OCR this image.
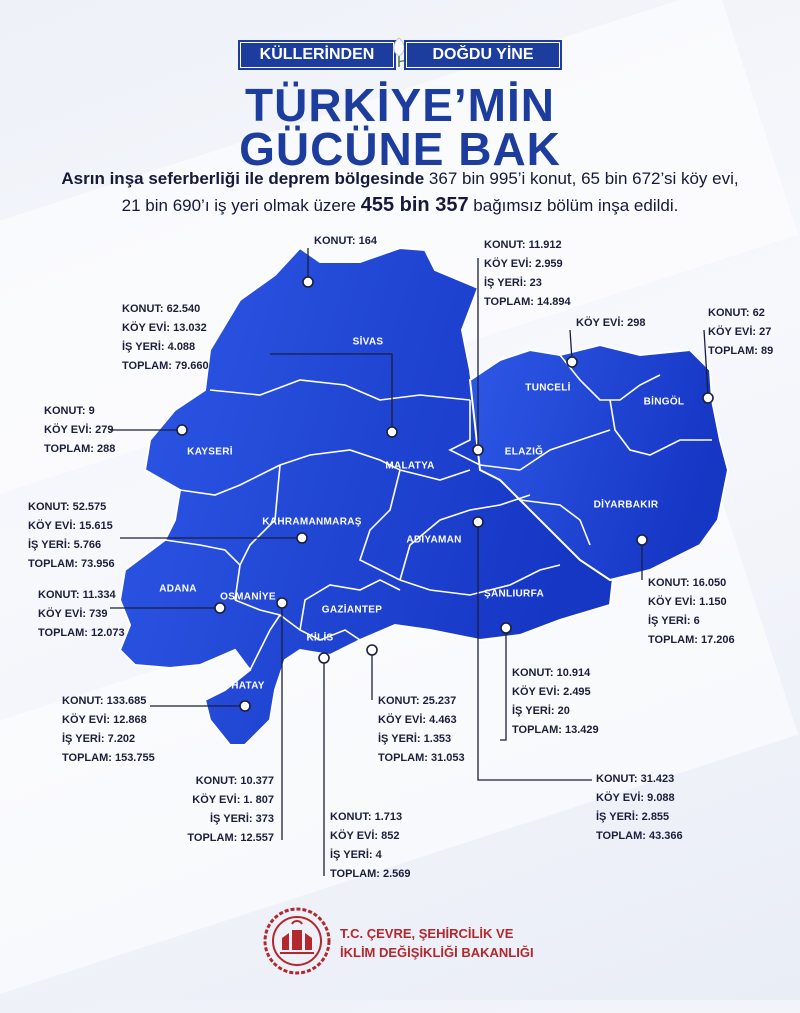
KÜLLERİNDEN	DOĞDU YİNE
TÜRKİYE’MİN
GÜCÜNE BAK
Asrın inşa seferberliği ile deprem bölgesinde 367 bin 995’i konut, 65 bin 672’si köy evi,
21 bin 690’ı iş yeri olmak üzere 455 bin 357 bağımsız bölüm inşa edildi.
SİVAS
ELAZIĞ
MALATYA
TUNCELİ
BİNGÖL
KAYSERİ
KAHRAMANMARAŞ
ADANA
DİYARBAKIR
ŞANLIURFA
GAZİANTEP
HATAY
OSMANİYE
KİLİS
ADIYAMAN
KONUT: 164	KONUT: 11.912
KÖY EVİ: 2.959
İŞ YERİ: 23
TOPLAM: 14.894
KONUT: 62.540
KÖY EVİ: 13.032
İŞ YERİ: 4.088
TOPLAM: 79.660
KÖY EVİ: 298
KONUT: 62
KÖY EVİ: 27
TOPLAM: 89
KONUT: 9
KÖY EVİ: 279
TOPLAM: 288
KONUT: 52.575
KÖY EVİ: 15.615
İŞ YERİ: 5.766
TOPLAM: 73.956
KONUT: 11.334
KÖY EVİ: 739
TOPLAM: 12.073
KONUT: 16.050
KÖY EVİ: 1.150
İŞ YERİ: 6
TOPLAM: 17.206
KONUT: 10.914
KÖY EVİ: 2.495
İŞ YERİ: 20
TOPLAM: 13.429
KONUT: 25.237
KÖY EVİ: 4.463
İŞ YERİ: 1.353
TOPLAM: 31.053
KONUT: 133.685
KÖY EVİ: 12.868
İŞ YERİ: 7.202
TOPLAM: 153.755
KONUT: 10.377
KÖY EVİ: 1. 807
İŞ YERİ: 373
TOPLAM: 12.557
KONUT: 1.713
KÖY EVİ: 852
İŞ YERİ: 4
TOPLAM: 2.569
KONUT: 31.423
KÖY EVİ: 9.088
İŞ YERİ: 2.855
TOPLAM: 43.366
T.C. ÇEVRE, ŞEHİRCİLİK VE
İKLİM DEĞİŞİKLİĞİ BAKANLIĞI
